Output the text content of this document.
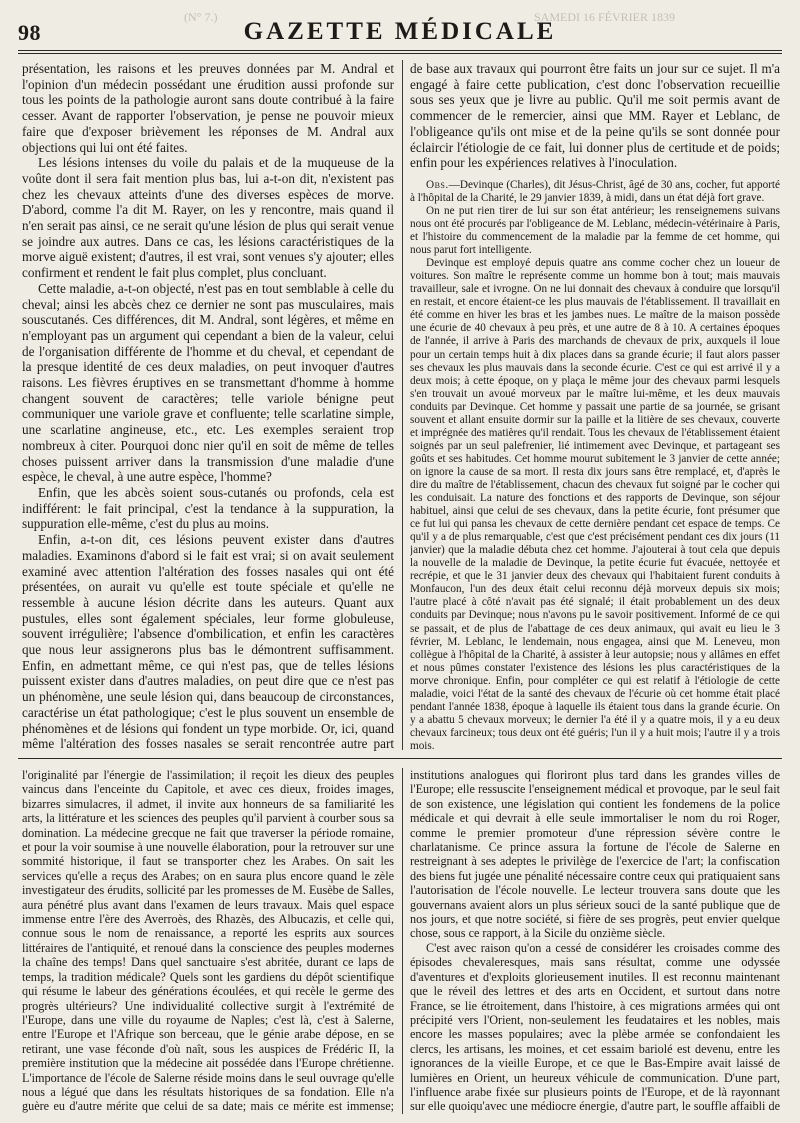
(N° 7.)	SAMEDI 16 FÉVRIER 1839
98	GAZETTE MÉDICALE

présentation, les raisons et les preuves données par M. Andral et l'opinion d'un médecin possédant une érudition aussi profonde sur tous les points de la pathologie auront sans doute contribué à la faire cesser. Avant de rapporter l'observation, je pense ne pouvoir mieux faire que d'exposer brièvement les réponses de M. Andral aux objections qui lui ont été faites.

Les lésions intenses du voile du palais et de la muqueuse de la voûte dont il sera fait mention plus bas, lui a-t-on dit, n'existent pas chez les chevaux atteints d'une des diverses espèces de morve. D'abord, comme l'a dit M. Rayer, on les y rencontre, mais quand il n'en serait pas ainsi, ce ne serait qu'une lésion de plus qui serait venue se joindre aux autres. Dans ce cas, les lésions caractéristiques de la morve aiguë existent; d'autres, il est vrai, sont venues s'y ajouter; elles confirment et rendent le fait plus complet, plus concluant.

Cette maladie, a-t-on objecté, n'est pas en tout semblable à celle du cheval; ainsi les abcès chez ce dernier ne sont pas musculaires, mais souscutanés. Ces différences, dit M. Andral, sont légères, et même en n'employant pas un argument qui cependant a bien de la valeur, celui de l'organisation différente de l'homme et du cheval, et cependant de la presque identité de ces deux maladies, on peut invoquer d'autres raisons. Les fièvres éruptives en se transmettant d'homme à homme changent souvent de caractères; telle variole bénigne peut communiquer une variole grave et confluente; telle scarlatine simple, une scarlatine angineuse, etc., etc. Les exemples seraient trop nombreux à citer. Pourquoi donc nier qu'il en soit de même de telles choses puissent arriver dans la transmission d'une maladie d'une espèce, le cheval, à une autre espèce, l'homme?

Enfin, que les abcès soient sous-cutanés ou profonds, cela est indifférent: le fait principal, c'est la tendance à la suppuration, la suppuration elle-même, c'est du plus au moins.

Enfin, a-t-on dit, ces lésions peuvent exister dans d'autres maladies. Examinons d'abord si le fait est vrai; si on avait seulement examiné avec attention l'altération des fosses nasales qui ont été présentées, on aurait vu qu'elle est toute spéciale et qu'elle ne ressemble à aucune lésion décrite dans les auteurs. Quant aux pustules, elles sont également spéciales, leur forme globuleuse, souvent irrégulière; l'absence d'ombilication, et enfin les caractères que nous leur assignerons plus bas le démontrent suffisamment. Enfin, en admettant même, ce qui n'est pas, que de telles lésions puissent exister dans d'autres maladies, on peut dire que ce n'est pas un phénomène, une seule lésion qui, dans beaucoup de circonstances, caractérise un état pathologique; c'est le plus souvent un ensemble de phénomènes et de lésions qui fondent un type morbide. Or, ici, quand même l'altération des fosses nasales se serait rencontrée autre part

de base aux travaux qui pourront être faits un jour sur ce sujet. Il m'a engagé à faire cette publication, c'est donc l'observation recueillie sous ses yeux que je livre au public. Qu'il me soit permis avant de commencer de le remercier, ainsi que MM. Rayer et Leblanc, de l'obligeance qu'ils ont mise et de la peine qu'ils se sont donnée pour éclaircir l'étiologie de ce fait, lui donner plus de certitude et de poids; enfin pour les expériences relatives à l'inoculation.

Obs.—Devinque (Charles), dit Jésus-Christ, âgé de 30 ans, cocher, fut apporté à l'hôpital de la Charité, le 29 janvier 1839, à midi, dans un état déjà fort grave.

On ne put rien tirer de lui sur son état antérieur; les renseignemens suivans nous ont été procurés par l'obligeance de M. Leblanc, médecin-vétérinaire à Paris, et l'histoire du commencement de la maladie par la femme de cet homme, qui nous parut fort intelligente.

Devinque est employé depuis quatre ans comme cocher chez un loueur de voitures. Son maître le représente comme un homme bon à tout; mais mauvais travailleur, sale et ivrogne. On ne lui donnait des chevaux à conduire que lorsqu'il en restait, et encore étaient-ce les plus mauvais de l'établissement. Il travaillait en été comme en hiver les bras et les jambes nues. Le maître de la maison possède une écurie de 40 chevaux à peu près, et une autre de 8 à 10. A certaines époques de l'année, il arrive à Paris des marchands de chevaux de prix, auxquels il loue pour un certain temps huit à dix places dans sa grande écurie; il faut alors passer ses chevaux les plus mauvais dans la seconde écurie. C'est ce qui est arrivé il y a deux mois; à cette époque, on y plaça le même jour des chevaux parmi lesquels s'en trouvait un avoué morveux par le maître lui-même, et les deux mauvais conduits par Devinque. Cet homme y passait une partie de sa journée, se grisant souvent et allant ensuite dormir sur la paille et la litière de ses chevaux, couverte et imprégnée des matières qu'il rendait. Tous les chevaux de l'établissement étaient soignés par un seul palefrenier, lié intimement avec Devinque, et partageant ses goûts et ses habitudes. Cet homme mourut subitement le 3 janvier de cette année; on ignore la cause de sa mort. Il resta dix jours sans être remplacé, et, d'après le dire du maître de l'établissement, chacun des chevaux fut soigné par le cocher qui les conduisait. La nature des fonctions et des rapports de Devinque, son séjour habituel, ainsi que celui de ses chevaux, dans la petite écurie, font présumer que ce fut lui qui pansa les chevaux de cette dernière pendant cet espace de temps. Ce qu'il y a de plus remarquable, c'est que c'est précisément pendant ces dix jours (11 janvier) que la maladie débuta chez cet homme. J'ajouterai à tout cela que depuis la nouvelle de la maladie de Devinque, la petite écurie fut évacuée, nettoyée et recrépie, et que le 31 janvier deux des chevaux qui l'habitaient furent conduits à Monfaucon, l'un des deux était celui reconnu déjà morveux depuis six mois; l'autre placé à côté n'avait pas été signalé; il était probablement un des deux conduits par Devinque; nous n'avons pu le savoir positivement. Informé de ce qui se passait, et de plus de l'abattage de ces deux animaux, qui avait eu lieu le 3 février, M. Leblanc, le lendemain, nous engagea, ainsi que M. Leneveu, mon collègue à l'hôpital de la Charité, à assister à leur autopsie; nous y allâmes en effet et nous pûmes constater l'existence des lésions les plus caractéristiques de la morve chronique. Enfin, pour compléter ce qui est relatif à l'étiologie de cette maladie, voici l'état de la santé des chevaux de l'écurie où cet homme était placé pendant l'année 1838, époque à laquelle ils étaient tous dans la grande écurie. On y a abattu 5 chevaux morveux; le dernier l'a été il y a quatre mois, il y a eu deux chevaux farcineux; tous deux ont été guéris; l'un il y a huit mois; l'autre il y a trois mois.

l'originalité par l'énergie de l'assimilation; il reçoit les dieux des peuples vaincus dans l'enceinte du Capitole, et avec ces dieux, froides images, bizarres simulacres, il admet, il invite aux honneurs de sa familiarité les arts, la littérature et les sciences des peuples qu'il parvient à courber sous sa domination. La médecine grecque ne fait que traverser la période romaine, et pour la voir soumise à une nouvelle élaboration, pour la retrouver sur une sommité historique, il faut se transporter chez les Arabes. On sait les services qu'elle a reçus des Arabes; on en saura plus encore quand le zèle investigateur des érudits, sollicité par les promesses de M. Eusèbe de Salles, aura pénétré plus avant dans l'examen de leurs travaux. Mais quel espace immense entre l'ère des Averroès, des Rhazès, des Albucazis, et celle qui, connue sous le nom de renaissance, a reporté les esprits aux sources littéraires de l'antiquité, et renoué dans la conscience des peuples modernes la chaîne des temps! Dans quel sanctuaire s'est abritée, durant ce laps de temps, la tradition médicale? Quels sont les gardiens du dépôt scientifique qui résume le labeur des générations écoulées, et qui recèle le germe des progrès ultérieurs? Une individualité collective surgit à l'extrémité de l'Europe, dans une ville du royaume de Naples; c'est là, c'est à Salerne, entre l'Europe et l'Afrique son berceau, que le génie arabe dépose, en se retirant, une vase féconde d'où naît, sous les auspices de Frédéric II, la première institution que la médecine ait possédée dans l'Europe chrétienne. L'importance de l'école de Salerne réside moins dans le seul ouvrage qu'elle nous a légué que dans les résultats historiques de sa fondation. Elle n'a guère eu d'autre mérite que celui de sa date; mais ce mérite est immense;

institutions analogues qui floriront plus tard dans les grandes villes de l'Europe; elle ressuscite l'enseignement médical et provoque, par le seul fait de son existence, une législation qui contient les fondemens de la police médicale et qui devrait à elle seule immortaliser le nom du roi Roger, comme le premier promoteur d'une répression sévère contre le charlatanisme. Ce prince assura la fortune de l'école de Salerne en restreignant à ses adeptes le privilège de l'exercice de l'art; la confiscation des biens fut jugée une pénalité nécessaire contre ceux qui pratiquaient sans l'autorisation de l'école nouvelle. Le lecteur trouvera sans doute que les gouvernans avaient alors un plus sérieux souci de la santé publique que de nos jours, et que notre société, si fière de ses progrès, peut envier quelque chose, sous ce rapport, à la Sicile du onzième siècle.

C'est avec raison qu'on a cessé de considérer les croisades comme des épisodes chevaleresques, mais sans résultat, comme une odyssée d'aventures et d'exploits glorieusement inutiles. Il est reconnu maintenant que le réveil des lettres et des arts en Occident, et surtout dans notre France, se lie étroitement, dans l'histoire, à ces migrations armées qui ont précipité vers l'Orient, non-seulement les feudataires et les nobles, mais encore les masses populaires; avec la plèbe armée se confondaient les clercs, les artisans, les moines, et cet essaim bariolé est devenu, entre les ignorances de la vieille Europe, et ce que le Bas-Empire avait laissé de lumières en Orient, un heureux véhicule de communication. D'une part, l'influence arabe fixée sur plusieurs points de l'Europe, et de là rayonnant sur elle quoiqu'avec une médiocre énergie, d'autre part, le souffle affaibli de
